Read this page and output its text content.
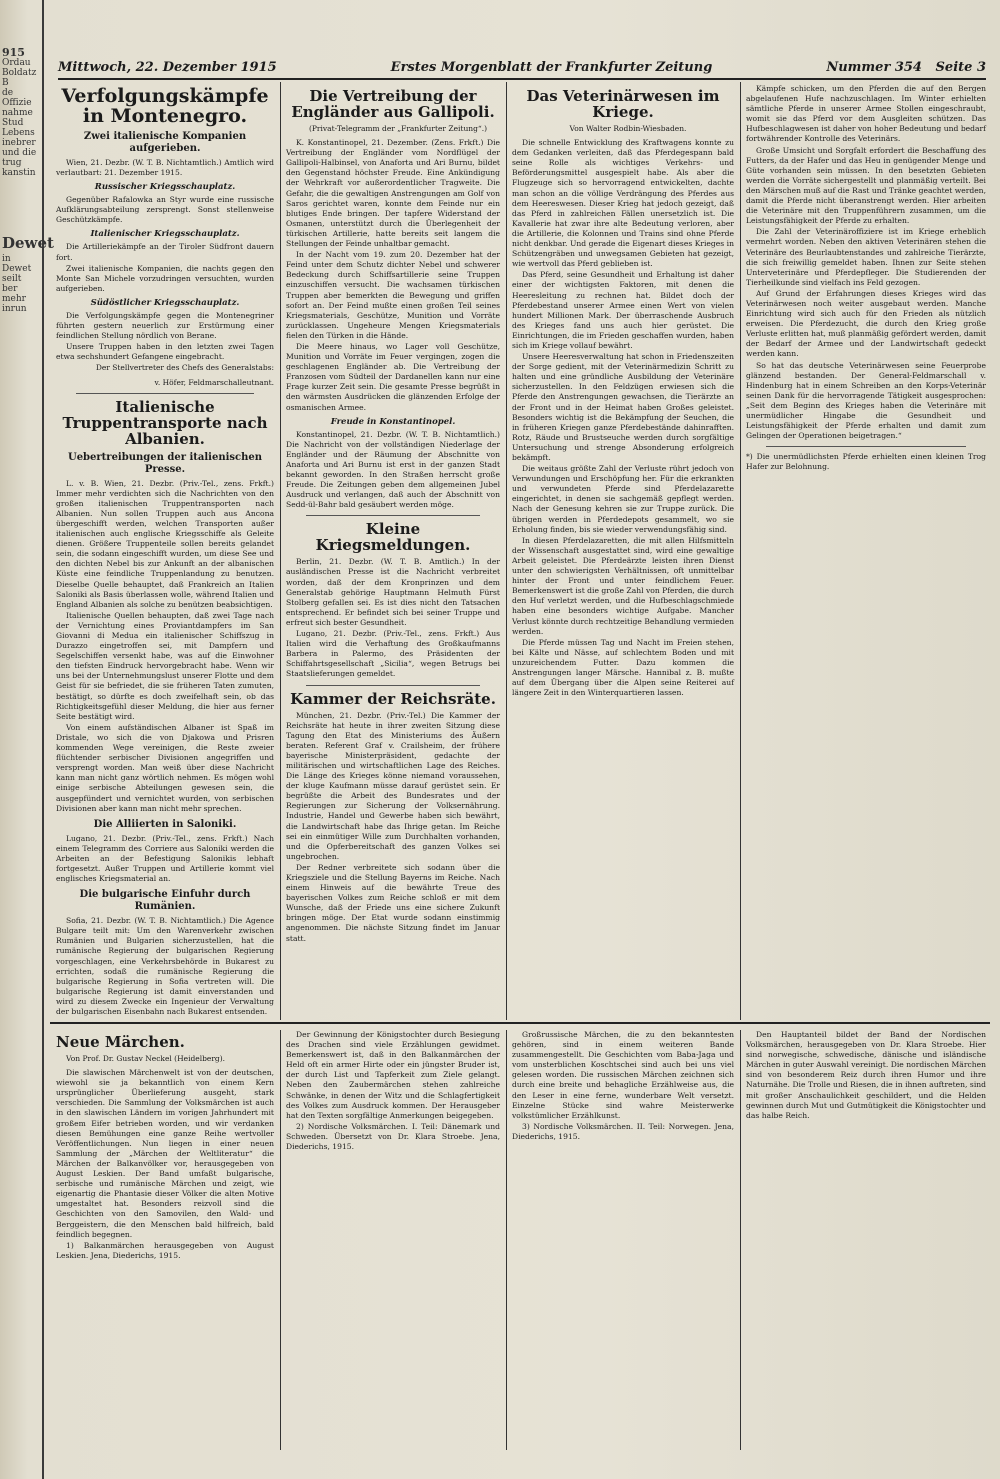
915
Ordau
Boldatz
B
de
Offizie
nahme
Stud
Lebens
inebrer
und die
trug
kanstin
Dewet
in
Dewet
seilt
ber
mehr
inrun
Mittwoch, 22. Dezember 1915	Erstes Morgenblatt der Frankfurter Zeitung	Nummer 354 Seite 3
Verfolgungskämpfe in Montenegro.
Zwei italienische Kompanien aufgerieben.

Wien, 21. Dezbr. (W. T. B. Nichtamtlich.) Amtlich wird verlautbart: 21. Dezember 1915.

Russischer Kriegsschauplatz.

Gegenüber Rafalowka an Styr wurde eine russische Aufklärungsabteilung zersprengt. Sonst stellenweise Geschützkämpfe.

Italienischer Kriegsschauplatz.

Die Artilleriekämpfe an der Tiroler Südfront dauern fort.

Zwei italienische Kompanien, die nachts gegen den Monte San Michele vorzudringen versuchten, wurden aufgerieben.

Südöstlicher Kriegsschauplatz.

Die Verfolgungskämpfe gegen die Montenegriner führten gestern neuerlich zur Erstürmung einer feindlichen Stellung nördlich von Berane.

Unsere Truppen haben in den letzten zwei Tagen etwa sechshundert Gefangene eingebracht.

Der Stellvertreter des Chefs des Generalstabs:

v. Höfer, Feldmarschalleutnant.

Italienische Truppentransporte nach Albanien.
Uebertreibungen der italienischen Presse.

L. v. B. Wien, 21. Dezbr. (Priv.-Tel., zens. Frkft.) Immer mehr verdichten sich die Nachrichten von den großen italienischen Truppentransporten nach Albanien. Nun sollen Truppen auch aus Ancona übergeschifft werden, welchen Transporten außer italienischen auch englische Kriegsschiffe als Geleite dienen. Größere Truppenteile sollen bereits gelandet sein, die sodann eingeschifft wurden, um diese See und den dichten Nebel bis zur Ankunft an der albanischen Küste eine feindliche Truppenlandung zu benutzen. Dieselbe Quelle behauptet, daß Frankreich an Italien Saloniki als Basis überlassen wolle, während Italien und England Albanien als solche zu benützen beabsichtigen.

Italienische Quellen behaupten, daß zwei Tage nach der Vernichtung eines Proviantdampfers im San Giovanni di Medua ein italienischer Schiffszug in Durazzo eingetroffen sei, mit Dampfern und Segelschiffen versenkt habe, was auf die Einwohner den tiefsten Eindruck hervorgebracht habe. Wenn wir uns bei der Unternehmungslust unserer Flotte und dem Geist für sie befriedet, die sie früheren Taten zumuten, bestätigt, so dürfte es doch zweifelhaft sein, ob das Richtigkeitsgefühl dieser Meldung, die hier aus ferner Seite bestätigt wird.

Von einem aufständischen Albaner ist Spaß im Dristale, wo sich die von Djakowa und Prisren kommenden Wege vereinigen, die Reste zweier flüchtender serbischer Divisionen angegriffen und versprengt worden. Man weiß über diese Nachricht kann man nicht ganz wörtlich nehmen. Es mögen wohl einige serbische Abteilungen gewesen sein, die ausgepfündert und vernichtet wurden, von serbischen Divisionen aber kann man nicht mehr sprechen.

Die Alliierten in Saloniki.

Lugano, 21. Dezbr. (Priv.-Tel., zens. Frkft.) Nach einem Telegramm des Corriere aus Saloniki werden die Arbeiten an der Befestigung Salonikis lebhaft fortgesetzt. Außer Truppen und Artillerie kommt viel englisches Kriegsmaterial an.

Die bulgarische Einfuhr durch Rumänien.

Sofia, 21. Dezbr. (W. T. B. Nichtamtlich.) Die Agence Bulgare teilt mit: Um den Warenverkehr zwischen Rumänien und Bulgarien sicherzustellen, hat die rumänische Regierung der bulgarischen Regierung vorgeschlagen, eine Verkehrsbehörde in Bukarest zu errichten, sodaß die rumänische Regierung die bulgarische Regierung in Sofia vertreten will. Die bulgarische Regierung ist damit einverstanden und wird zu diesem Zwecke ein Ingenieur der Verwaltung der bulgarischen Eisenbahn nach Bukarest entsenden.

Die Vertreibung der Engländer aus Gallipoli.

(Privat-Telegramm der „Frankfurter Zeitung“.)

K. Konstantinopel, 21. Dezember. (Zens. Frkft.) Die Vertreibung der Engländer vom Nordflügel der Gallipoli-Halbinsel, von Anaforta und Ari Burnu, bildet den Gegenstand höchster Freude. Eine Ankündigung der Wehrkraft vor außerordentlicher Tragweite. Die Gefahr, die die gewaltigen Anstrengungen am Golf von Saros gerichtet waren, konnte dem Feinde nur ein blutiges Ende bringen. Der tapfere Widerstand der Osmanen, unterstützt durch die Überlegenheit der türkischen Artillerie, hatte bereits seit langem die Stellungen der Feinde unhaltbar gemacht.

In der Nacht vom 19. zum 20. Dezember hat der Feind unter dem Schutz dichter Nebel und schwerer Bedeckung durch Schiffsartillerie seine Truppen einzuschiffen versucht. Die wachsamen türkischen Truppen aber bemerkten die Bewegung und griffen sofort an. Der Feind mußte einen großen Teil seines Kriegsmaterials, Geschütze, Munition und Vorräte zurücklassen. Ungeheure Mengen Kriegsmaterials fielen den Türken in die Hände.

Die Meere hinaus, wo Lager voll Geschütze, Munition und Vorräte im Feuer vergingen, zogen die geschlagenen Engländer ab. Die Vertreibung der Franzosen vom Südteil der Dardanellen kann nur eine Frage kurzer Zeit sein. Die gesamte Presse begrüßt in den wärmsten Ausdrücken die glänzenden Erfolge der osmanischen Armee.

Freude in Konstantinopel.

Konstantinopel, 21. Dezbr. (W. T. B. Nichtamtlich.) Die Nachricht von der vollständigen Niederlage der Engländer und der Räumung der Abschnitte von Anaforta und Ari Burnu ist erst in der ganzen Stadt bekannt geworden. In den Straßen herrscht große Freude. Die Zeitungen geben dem allgemeinen Jubel Ausdruck und verlangen, daß auch der Abschnitt von Sedd-ül-Bahr bald gesäubert werden möge.

Kleine Kriegsmeldungen.

Berlin, 21. Dezbr. (W. T. B. Amtlich.) In der ausländischen Presse ist die Nachricht verbreitet worden, daß der dem Kronprinzen und dem Generalstab gehörige Hauptmann Helmuth Fürst Stolberg gefallen sei. Es ist dies nicht den Tatsachen entsprechend. Er befindet sich bei seiner Truppe und erfreut sich bester Gesundheit.

Lugano, 21. Dezbr. (Priv.-Tel., zens. Frkft.) Aus Italien wird die Verhaftung des Großkaufmanns Barbera in Palermo, des Präsidenten der Schiffahrtsgesellschaft „Sicilia“, wegen Betrugs bei Staatslieferungen gemeldet.

Kammer der Reichsräte.

München, 21. Dezbr. (Priv.-Tel.) Die Kammer der Reichsräte hat heute in ihrer zweiten Sitzung diese Tagung den Etat des Ministeriums des Äußern beraten. Referent Graf v. Crailsheim, der frühere bayerische Ministerpräsident, gedachte der militärischen und wirtschaftlichen Lage des Reiches. Die Länge des Krieges könne niemand voraussehen, der kluge Kaufmann müsse darauf gerüstet sein. Er begrüßte die Arbeit des Bundesrates und der Regierungen zur Sicherung der Volksernährung. Industrie, Handel und Gewerbe haben sich bewährt, die Landwirtschaft habe das Ihrige getan. Im Reiche sei ein einmütiger Wille zum Durchhalten vorhanden, und die Opferbereitschaft des ganzen Volkes sei ungebrochen.

Der Redner verbreitete sich sodann über die Kriegsziele und die Stellung Bayerns im Reiche. Nach einem Hinweis auf die bewährte Treue des bayerischen Volkes zum Reiche schloß er mit dem Wunsche, daß der Friede uns eine sichere Zukunft bringen möge. Der Etat wurde sodann einstimmig angenommen. Die nächste Sitzung findet im Januar statt.

Das Veterinärwesen im Kriege.

Von Walter Rodbin-Wiesbaden.

Die schnelle Entwicklung des Kraftwagens konnte zu dem Gedanken verleiten, daß das Pferdegespann bald seine Rolle als wichtiges Verkehrs- und Beförderungsmittel ausgespielt habe. Als aber die Flugzeuge sich so hervorragend entwickelten, dachte man schon an die völlige Verdrängung des Pferdes aus dem Heereswesen. Dieser Krieg hat jedoch gezeigt, daß das Pferd in zahlreichen Fällen unersetzlich ist. Die Kavallerie hat zwar ihre alte Bedeutung verloren, aber die Artillerie, die Kolonnen und Trains sind ohne Pferde nicht denkbar. Und gerade die Eigenart dieses Krieges in Schützengräben und unwegsamen Gebieten hat gezeigt, wie wertvoll das Pferd geblieben ist.

Das Pferd, seine Gesundheit und Erhaltung ist daher einer der wichtigsten Faktoren, mit denen die Heeresleitung zu rechnen hat. Bildet doch der Pferdebestand unserer Armee einen Wert von vielen hundert Millionen Mark. Der überraschende Ausbruch des Krieges fand uns auch hier gerüstet. Die Einrichtungen, die im Frieden geschaffen wurden, haben sich im Kriege vollauf bewährt.

Unsere Heeresverwaltung hat schon in Friedenszeiten der Sorge gedient, mit der Veterinärmedizin Schritt zu halten und eine gründliche Ausbildung der Veterinäre sicherzustellen. In den Feldzügen erwiesen sich die Pferde den Anstrengungen gewachsen, die Tierärzte an der Front und in der Heimat haben Großes geleistet. Besonders wichtig ist die Bekämpfung der Seuchen, die in früheren Kriegen ganze Pferdebestände dahinrafften. Rotz, Räude und Brustseuche werden durch sorgfältige Untersuchung und strenge Absonderung erfolgreich bekämpft.

Die weitaus größte Zahl der Verluste rührt jedoch von Verwundungen und Erschöpfung her. Für die erkrankten und verwundeten Pferde sind Pferdelazarette eingerichtet, in denen sie sachgemäß gepflegt werden. Nach der Genesung kehren sie zur Truppe zurück. Die übrigen werden in Pferdedepots gesammelt, wo sie Erholung finden, bis sie wieder verwendungsfähig sind.

In diesen Pferdelazaretten, die mit allen Hilfsmitteln der Wissenschaft ausgestattet sind, wird eine gewaltige Arbeit geleistet. Die Pferdeärzte leisten ihren Dienst unter den schwierigsten Verhältnissen, oft unmittelbar hinter der Front und unter feindlichem Feuer. Bemerkenswert ist die große Zahl von Pferden, die durch den Huf verletzt werden, und die Hufbeschlagschmiede haben eine besonders wichtige Aufgabe. Mancher Verlust könnte durch rechtzeitige Behandlung vermieden werden.

Die Pferde müssen Tag und Nacht im Freien stehen, bei Kälte und Nässe, auf schlechtem Boden und mit unzureichendem Futter. Dazu kommen die Anstrengungen langer Märsche. Hannibal z. B. mußte auf dem Übergang über die Alpen seine Reiterei auf längere Zeit in den Winterquartieren lassen.

Kämpfe schicken, um den Pferden die auf den Bergen abgelaufenen Hufe nachzuschlagen. Im Winter erhielten sämtliche Pferde in unserer Armee Stollen eingeschraubt, womit sie das Pferd vor dem Ausgleiten schützen. Das Hufbeschlagwesen ist daher von hoher Bedeutung und bedarf fortwährender Kontrolle des Veterinärs.

Große Umsicht und Sorgfalt erfordert die Beschaffung des Futters, da der Hafer und das Heu in genügender Menge und Güte vorhanden sein müssen. In den besetzten Gebieten werden die Vorräte sichergestellt und planmäßig verteilt. Bei den Märschen muß auf die Rast und Tränke geachtet werden, damit die Pferde nicht überanstrengt werden. Hier arbeiten die Veterinäre mit den Truppenführern zusammen, um die Leistungsfähigkeit der Pferde zu erhalten.

Die Zahl der Veterinäroffiziere ist im Kriege erheblich vermehrt worden. Neben den aktiven Veterinären stehen die Veterinäre des Beurlaubtenstandes und zahlreiche Tierärzte, die sich freiwillig gemeldet haben. Ihnen zur Seite stehen Unterveterinäre und Pferdepfleger. Die Studierenden der Tierheilkunde sind vielfach ins Feld gezogen.

Auf Grund der Erfahrungen dieses Krieges wird das Veterinärwesen noch weiter ausgebaut werden. Manche Einrichtung wird sich auch für den Frieden als nützlich erweisen. Die Pferdezucht, die durch den Krieg große Verluste erlitten hat, muß planmäßig gefördert werden, damit der Bedarf der Armee und der Landwirtschaft gedeckt werden kann.

So hat das deutsche Veterinärwesen seine Feuerprobe glänzend bestanden. Der General-Feldmarschall v. Hindenburg hat in einem Schreiben an den Korps-Veterinär seinen Dank für die hervorragende Tätigkeit ausgesprochen: „Seit dem Beginn des Krieges haben die Veterinäre mit unermüdlicher Hingabe die Gesundheit und Leistungsfähigkeit der Pferde erhalten und damit zum Gelingen der Operationen beigetragen.“

*) Die unermüdlichsten Pferde erhielten einen kleinen Trog Hafer zur Belohnung.

Neue Märchen.

Von Prof. Dr. Gustav Neckel (Heidelberg).

Die slawischen Märchenwelt ist von der deutschen, wiewohl sie ja bekanntlich von einem Kern ursprünglicher Überlieferung ausgeht, stark verschieden. Die Sammlung der Volksmärchen ist auch in den slawischen Ländern im vorigen Jahrhundert mit großem Eifer betrieben worden, und wir verdanken diesen Bemühungen eine ganze Reihe wertvoller Veröffentlichungen. Nun liegen in einer neuen Sammlung der „Märchen der Weltliteratur“ die Märchen der Balkanvölker vor, herausgegeben von August Leskien. Der Band umfaßt bulgarische, serbische und rumänische Märchen und zeigt, wie eigenartig die Phantasie dieser Völker die alten Motive umgestaltet hat. Besonders reizvoll sind die Geschichten von den Samovilen, den Wald- und Berggeistern, die den Menschen bald hilfreich, bald feindlich begegnen.

1) Balkanmärchen herausgegeben von August Leskien. Jena, Diederichs, 1915.

Der Gewinnung der Königstochter durch Besiegung des Drachen sind viele Erzählungen gewidmet. Bemerkenswert ist, daß in den Balkanmärchen der Held oft ein armer Hirte oder ein jüngster Bruder ist, der durch List und Tapferkeit zum Ziele gelangt. Neben den Zaubermärchen stehen zahlreiche Schwänke, in denen der Witz und die Schlagfertigkeit des Volkes zum Ausdruck kommen. Der Herausgeber hat den Texten sorgfältige Anmerkungen beigegeben.

2) Nordische Volksmärchen. I. Teil: Dänemark und Schweden. Übersetzt von Dr. Klara Stroebe. Jena, Diederichs, 1915.

Großrussische Märchen, die zu den bekanntesten gehören, sind in einem weiteren Bande zusammengestellt. Die Geschichten vom Baba-Jaga und vom unsterblichen Koschtschei sind auch bei uns viel gelesen worden. Die russischen Märchen zeichnen sich durch eine breite und behagliche Erzählweise aus, die den Leser in eine ferne, wunderbare Welt versetzt. Einzelne Stücke sind wahre Meisterwerke volkstümlicher Erzählkunst.

3) Nordische Volksmärchen. II. Teil: Norwegen. Jena, Diederichs, 1915.

Den Hauptanteil bildet der Band der Nordischen Volksmärchen, herausgegeben von Dr. Klara Stroebe. Hier sind norwegische, schwedische, dänische und isländische Märchen in guter Auswahl vereinigt. Die nordischen Märchen sind von besonderem Reiz durch ihren Humor und ihre Naturnähe. Die Trolle und Riesen, die in ihnen auftreten, sind mit großer Anschaulichkeit geschildert, und die Helden gewinnen durch Mut und Gutmütigkeit die Königstochter und das halbe Reich.
